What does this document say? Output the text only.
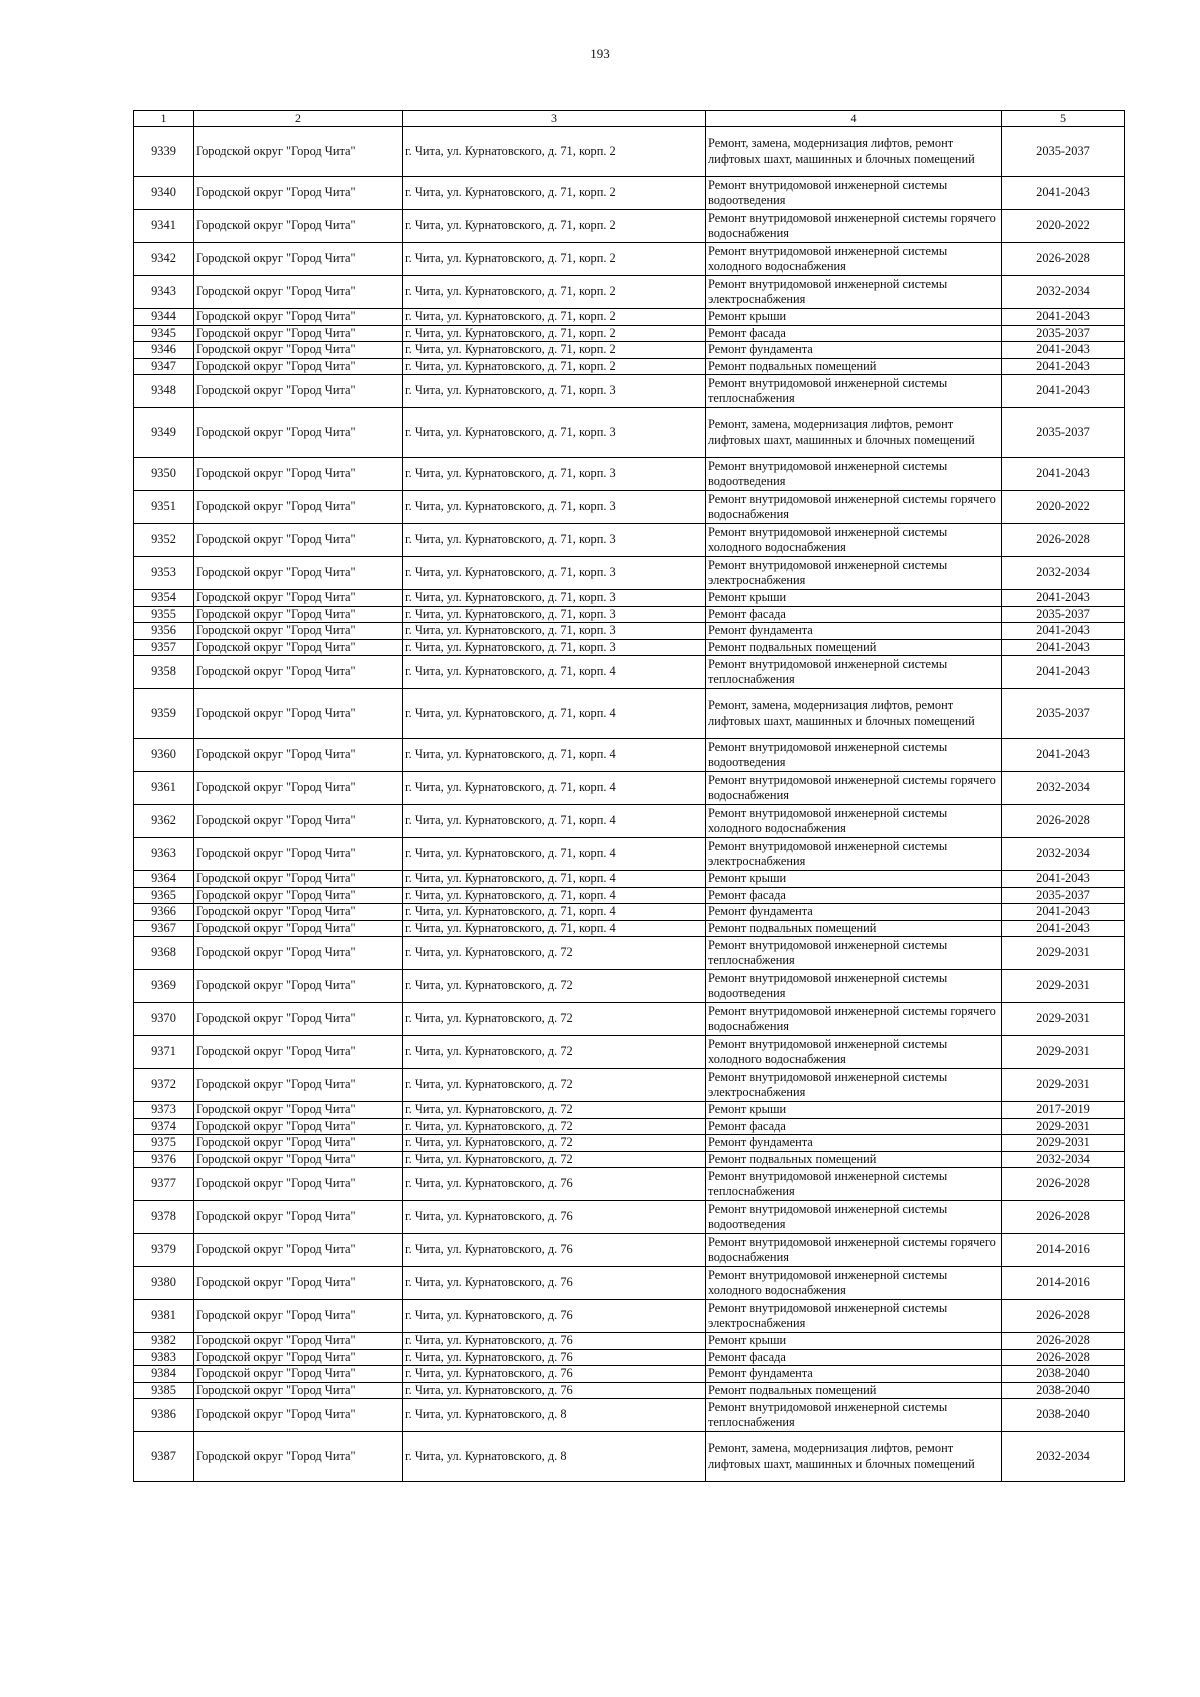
193
1	2	3	4	5
9339	Городской округ "Город Чита"	г. Чита, ул. Курнатовского, д. 71, корп. 2	Ремонт, замена, модернизация лифтов, ремонт лифтовых шахт, машинных и блочных помещений	2035-2037
9340	Городской округ "Город Чита"	г. Чита, ул. Курнатовского, д. 71, корп. 2	Ремонт внутридомовой инженерной системы водоотведения	2041-2043
9341	Городской округ "Город Чита"	г. Чита, ул. Курнатовского, д. 71, корп. 2	Ремонт внутридомовой инженерной системы горячего водоснабжения	2020-2022
9342	Городской округ "Город Чита"	г. Чита, ул. Курнатовского, д. 71, корп. 2	Ремонт внутридомовой инженерной системы холодного водоснабжения	2026-2028
9343	Городской округ "Город Чита"	г. Чита, ул. Курнатовского, д. 71, корп. 2	Ремонт внутридомовой инженерной системы электроснабжения	2032-2034
9344	Городской округ "Город Чита"	г. Чита, ул. Курнатовского, д. 71, корп. 2	Ремонт крыши	2041-2043
9345	Городской округ "Город Чита"	г. Чита, ул. Курнатовского, д. 71, корп. 2	Ремонт фасада	2035-2037
9346	Городской округ "Город Чита"	г. Чита, ул. Курнатовского, д. 71, корп. 2	Ремонт фундамента	2041-2043
9347	Городской округ "Город Чита"	г. Чита, ул. Курнатовского, д. 71, корп. 2	Ремонт подвальных помещений	2041-2043
9348	Городской округ "Город Чита"	г. Чита, ул. Курнатовского, д. 71, корп. 3	Ремонт внутридомовой инженерной системы теплоснабжения	2041-2043
9349	Городской округ "Город Чита"	г. Чита, ул. Курнатовского, д. 71, корп. 3	Ремонт, замена, модернизация лифтов, ремонт лифтовых шахт, машинных и блочных помещений	2035-2037
9350	Городской округ "Город Чита"	г. Чита, ул. Курнатовского, д. 71, корп. 3	Ремонт внутридомовой инженерной системы водоотведения	2041-2043
9351	Городской округ "Город Чита"	г. Чита, ул. Курнатовского, д. 71, корп. 3	Ремонт внутридомовой инженерной системы горячего водоснабжения	2020-2022
9352	Городской округ "Город Чита"	г. Чита, ул. Курнатовского, д. 71, корп. 3	Ремонт внутридомовой инженерной системы холодного водоснабжения	2026-2028
9353	Городской округ "Город Чита"	г. Чита, ул. Курнатовского, д. 71, корп. 3	Ремонт внутридомовой инженерной системы электроснабжения	2032-2034
9354	Городской округ "Город Чита"	г. Чита, ул. Курнатовского, д. 71, корп. 3	Ремонт крыши	2041-2043
9355	Городской округ "Город Чита"	г. Чита, ул. Курнатовского, д. 71, корп. 3	Ремонт фасада	2035-2037
9356	Городской округ "Город Чита"	г. Чита, ул. Курнатовского, д. 71, корп. 3	Ремонт фундамента	2041-2043
9357	Городской округ "Город Чита"	г. Чита, ул. Курнатовского, д. 71, корп. 3	Ремонт подвальных помещений	2041-2043
9358	Городской округ "Город Чита"	г. Чита, ул. Курнатовского, д. 71, корп. 4	Ремонт внутридомовой инженерной системы теплоснабжения	2041-2043
9359	Городской округ "Город Чита"	г. Чита, ул. Курнатовского, д. 71, корп. 4	Ремонт, замена, модернизация лифтов, ремонт лифтовых шахт, машинных и блочных помещений	2035-2037
9360	Городской округ "Город Чита"	г. Чита, ул. Курнатовского, д. 71, корп. 4	Ремонт внутридомовой инженерной системы водоотведения	2041-2043
9361	Городской округ "Город Чита"	г. Чита, ул. Курнатовского, д. 71, корп. 4	Ремонт внутридомовой инженерной системы горячего водоснабжения	2032-2034
9362	Городской округ "Город Чита"	г. Чита, ул. Курнатовского, д. 71, корп. 4	Ремонт внутридомовой инженерной системы холодного водоснабжения	2026-2028
9363	Городской округ "Город Чита"	г. Чита, ул. Курнатовского, д. 71, корп. 4	Ремонт внутридомовой инженерной системы электроснабжения	2032-2034
9364	Городской округ "Город Чита"	г. Чита, ул. Курнатовского, д. 71, корп. 4	Ремонт крыши	2041-2043
9365	Городской округ "Город Чита"	г. Чита, ул. Курнатовского, д. 71, корп. 4	Ремонт фасада	2035-2037
9366	Городской округ "Город Чита"	г. Чита, ул. Курнатовского, д. 71, корп. 4	Ремонт фундамента	2041-2043
9367	Городской округ "Город Чита"	г. Чита, ул. Курнатовского, д. 71, корп. 4	Ремонт подвальных помещений	2041-2043
9368	Городской округ "Город Чита"	г. Чита, ул. Курнатовского, д. 72	Ремонт внутридомовой инженерной системы теплоснабжения	2029-2031
9369	Городской округ "Город Чита"	г. Чита, ул. Курнатовского, д. 72	Ремонт внутридомовой инженерной системы водоотведения	2029-2031
9370	Городской округ "Город Чита"	г. Чита, ул. Курнатовского, д. 72	Ремонт внутридомовой инженерной системы горячего водоснабжения	2029-2031
9371	Городской округ "Город Чита"	г. Чита, ул. Курнатовского, д. 72	Ремонт внутридомовой инженерной системы холодного водоснабжения	2029-2031
9372	Городской округ "Город Чита"	г. Чита, ул. Курнатовского, д. 72	Ремонт внутридомовой инженерной системы электроснабжения	2029-2031
9373	Городской округ "Город Чита"	г. Чита, ул. Курнатовского, д. 72	Ремонт крыши	2017-2019
9374	Городской округ "Город Чита"	г. Чита, ул. Курнатовского, д. 72	Ремонт фасада	2029-2031
9375	Городской округ "Город Чита"	г. Чита, ул. Курнатовского, д. 72	Ремонт фундамента	2029-2031
9376	Городской округ "Город Чита"	г. Чита, ул. Курнатовского, д. 72	Ремонт подвальных помещений	2032-2034
9377	Городской округ "Город Чита"	г. Чита, ул. Курнатовского, д. 76	Ремонт внутридомовой инженерной системы теплоснабжения	2026-2028
9378	Городской округ "Город Чита"	г. Чита, ул. Курнатовского, д. 76	Ремонт внутридомовой инженерной системы водоотведения	2026-2028
9379	Городской округ "Город Чита"	г. Чита, ул. Курнатовского, д. 76	Ремонт внутридомовой инженерной системы горячего водоснабжения	2014-2016
9380	Городской округ "Город Чита"	г. Чита, ул. Курнатовского, д. 76	Ремонт внутридомовой инженерной системы холодного водоснабжения	2014-2016
9381	Городской округ "Город Чита"	г. Чита, ул. Курнатовского, д. 76	Ремонт внутридомовой инженерной системы электроснабжения	2026-2028
9382	Городской округ "Город Чита"	г. Чита, ул. Курнатовского, д. 76	Ремонт крыши	2026-2028
9383	Городской округ "Город Чита"	г. Чита, ул. Курнатовского, д. 76	Ремонт фасада	2026-2028
9384	Городской округ "Город Чита"	г. Чита, ул. Курнатовского, д. 76	Ремонт фундамента	2038-2040
9385	Городской округ "Город Чита"	г. Чита, ул. Курнатовского, д. 76	Ремонт подвальных помещений	2038-2040
9386	Городской округ "Город Чита"	г. Чита, ул. Курнатовского, д. 8	Ремонт внутридомовой инженерной системы теплоснабжения	2038-2040
9387	Городской округ "Город Чита"	г. Чита, ул. Курнатовского, д. 8	Ремонт, замена, модернизация лифтов, ремонт лифтовых шахт, машинных и блочных помещений	2032-2034
